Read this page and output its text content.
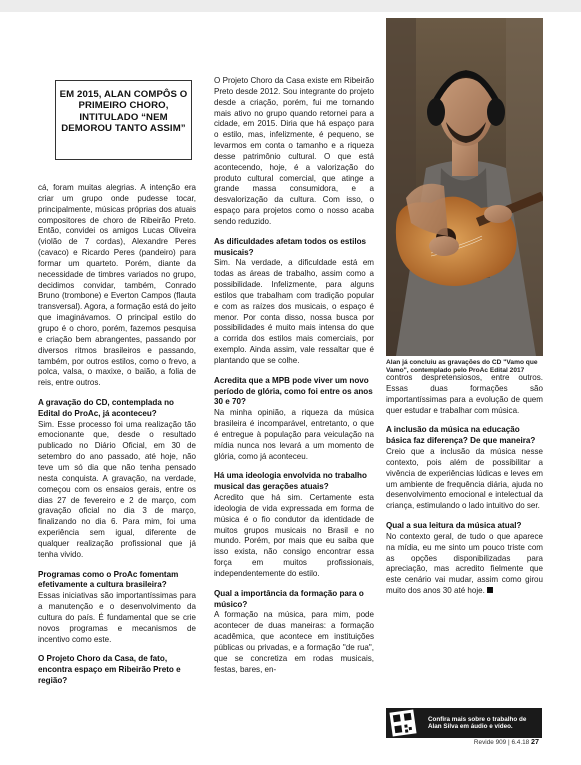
EM 2015, ALAN COMPÔS O PRIMEIRO CHORO, INTITULADO “NEM DEMOROU TANTO ASSIM”

cá, foram muitas alegrias. A intenção era criar um grupo onde pudesse tocar, principalmente, músicas próprias dos atuais compositores de choro de Ribeirão Preto. Então, convidei os amigos Lucas Oliveira (violão de 7 cordas), Alexandre Peres (cavaco) e Ricardo Peres (pandeiro) para formar um quarteto. Porém, diante da necessidade de timbres variados no grupo, decidimos convidar, também, Conrado Bruno (trombone) e Everton Campos (flauta transversal). Agora, a formação está do jeito que imaginávamos. O principal estilo do grupo é o choro, porém, fazemos pesquisa e criação bem abrangentes, passando por diversos ritmos brasileiros e passando, também, por outros estilos, como o frevo, a polca, valsa, o maxixe, o baião, a folia de reis, entre outros.

A gravação do CD, contemplada no Edital do ProAc, já aconteceu?

Sim. Esse processo foi uma realização tão emocionante que, desde o resultado publicado no Diário Oficial, em 30 de setembro do ano passado, até hoje, não teve um só dia que não tenha pensado nesta conquista. A gravação, na verdade, começou com os ensaios gerais, entre os dias 27 de fevereiro e 2 de março, com gravação oficial no dia 3 de março, finalizando no dia 6. Para mim, foi uma experiência sem igual, diferente de qualquer realização profissional que já tenha vivido.

Programas como o ProAc fomentam efetivamente a cultura brasileira?

Essas iniciativas são importantíssimas para a manutenção e o desenvolvimento da cultura do país. É fundamental que se crie novos programas e mecanismos de incentivo como este.

O Projeto Choro da Casa, de fato, encontra espaço em Ribeirão Preto e região?

O Projeto Choro da Casa existe em Ribeirão Preto desde 2012. Sou integrante do projeto desde a criação, porém, fui me tornando mais ativo no grupo quando retornei para a cidade, em 2015. Diria que há espaço para o estilo, mas, infelizmente, é pequeno, se levarmos em conta o tamanho e a riqueza desse patrimônio cultural. O que está acontecendo, hoje, é a valorização do produto cultural comercial, que atinge a grande massa consumidora, e a desvalorização da cultura. Com isso, o espaço para projetos como o nosso acaba sendo reduzido.

As dificuldades afetam todos os estilos musicais?

Sim. Na verdade, a dificuldade está em todas as áreas de trabalho, assim como a possibilidade. Infelizmente, para alguns estilos que trabalham com tradição popular e com as raízes dos musicais, o espaço é menor. Por conta disso, nossa busca por possibilidades é muito mais intensa do que a corrida dos estilos mais comerciais, por exemplo. Ainda assim, vale ressaltar que é plantando que se colhe.

Acredita que a MPB pode viver um novo período de glória, como foi entre os anos 30 e 70?

Na minha opinião, a riqueza da música brasileira é incomparável, entretanto, o que é entregue à população para veiculação na mídia nunca nos levará a um momento de glória, como já aconteceu.

Há uma ideologia envolvida no trabalho musical das gerações atuais?

Acredito que há sim. Certamente esta ideologia de vida expressada em forma de música é o fio condutor da identidade de muitos grupos musicais no Brasil e no mundo. Porém, por mais que eu saiba que isso exista, não consigo encontrar essa força em muitos profissionais, independentemente do estilo.

Qual a importância da formação para o músico?

A formação na música, para mim, pode acontecer de duas maneiras: a formação acadêmica, que acontece em instituições públicas ou privadas, e a formação "de rua", que se concretiza em rodas musicais, festas, bares, en-

Alan já concluiu as gravações do CD "Vamo que Vamo", contemplado pelo ProAc Edital 2017

contros despretensiosos, entre outros. Essas duas formações são importantíssimas para a evolução de quem quer estudar e trabalhar com música.

A inclusão da música na educação básica faz diferença? De que maneira?

Creio que a inclusão da música nesse contexto, pois além de possibilitar a vivência de experiências lúdicas e leves em um ambiente de frequência diária, ajuda no desenvolvimento emocional e intelectual da criança, estimulando o lado intuitivo do ser.

Qual a sua leitura da música atual?

No contexto geral, de tudo o que aparece na mídia, eu me sinto um pouco triste com as opções disponibilizadas para apreciação, mas acredito fielmente que este cenário vai mudar, assim como girou muito dos anos 30 até hoje.

Confira mais sobre o trabalho de Alan Silva em áudio e vídeo.
Revide 909 | 6.4.18 27
